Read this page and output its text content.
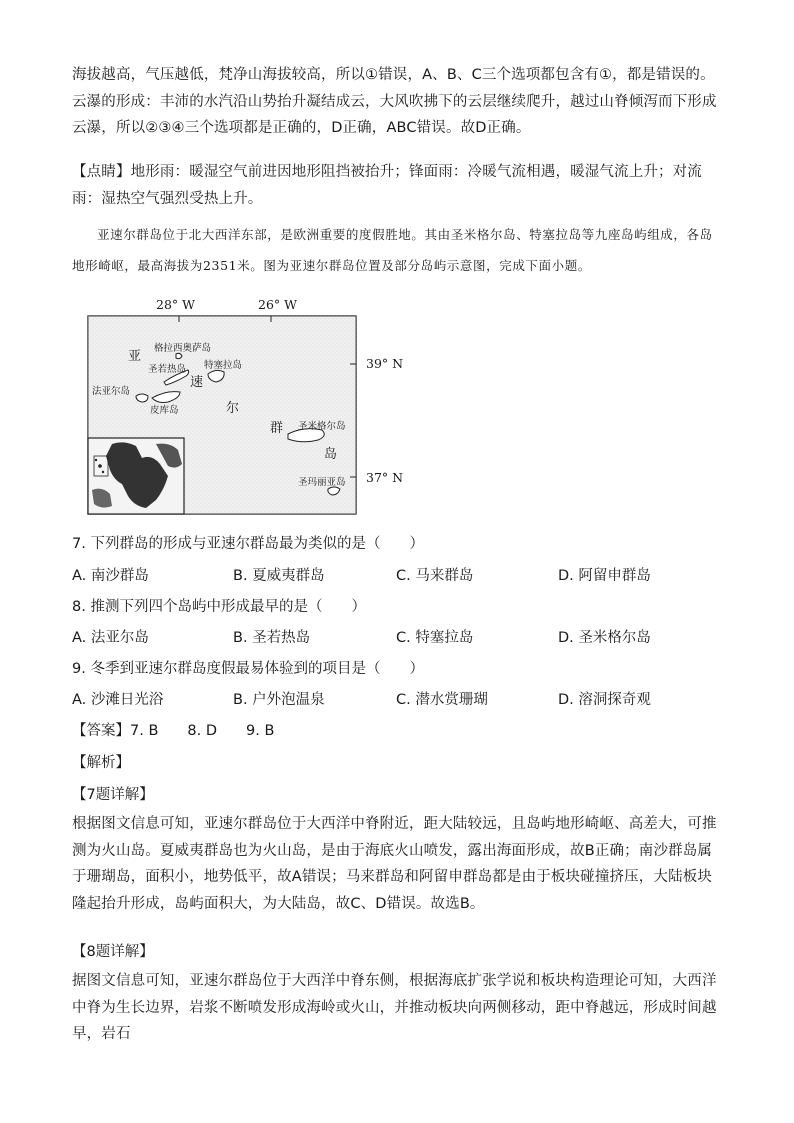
海拔越高，气压越低，梵净山海拔较高，所以①错误，A、B、C三个选项都包含有①，都是错误的。云瀑的形成：丰沛的水汽沿山势抬升凝结成云，大风吹拂下的云层继续爬升，越过山脊倾泻而下形成云瀑，所以②③④三个选项都是正确的，D正确，ABC错误。故D正确。

【点睛】地形雨：暖湿空气前进因地形阻挡被抬升；锋面雨：冷暖气流相遇，暖湿气流上升；对流雨：湿热空气强烈受热上升。

亚速尔群岛位于北大西洋东部，是欧洲重要的度假胜地。其由圣米格尔岛、特塞拉岛等九座岛屿组成，各岛地形崎岖，最高海拔为2351米。图为亚速尔群岛位置及部分岛屿示意图，完成下面小题。

28° W	26° W
39° N
37° N
亚
速
尔
群
岛
格拉西奥萨岛
圣若热岛 特塞拉岛
法亚尔岛
皮库岛
圣米格尔岛
圣玛丽亚岛
7. 下列群岛的形成与亚速尔群岛最为类似的是（　　）
A. 南沙群岛	B. 夏威夷群岛	C. 马来群岛	D. 阿留申群岛
8. 推测下列四个岛屿中形成最早的是（　　）
A. 法亚尔岛	B. 圣若热岛	C. 特塞拉岛	D. 圣米格尔岛
9. 冬季到亚速尔群岛度假最易体验到的项目是（　　）
A. 沙滩日光浴	B. 户外泡温泉	C. 潜水赏珊瑚	D. 溶洞探奇观
【答案】7. B　　8. D　　9. B
【解析】
【7题详解】

根据图文信息可知，亚速尔群岛位于大西洋中脊附近，距大陆较远，且岛屿地形崎岖、高差大，可推测为火山岛。夏威夷群岛也为火山岛，是由于海底火山喷发，露出海面形成，故B正确；南沙群岛属于珊瑚岛，面积小，地势低平，故A错误；马来群岛和阿留申群岛都是由于板块碰撞挤压，大陆板块隆起抬升形成，岛屿面积大，为大陆岛，故C、D错误。故选B。

【8题详解】

据图文信息可知，亚速尔群岛位于大西洋中脊东侧，根据海底扩张学说和板块构造理论可知，大西洋中脊为生长边界，岩浆不断喷发形成海岭或火山，并推动板块向两侧移动，距中脊越远，形成时间越早，岩石
